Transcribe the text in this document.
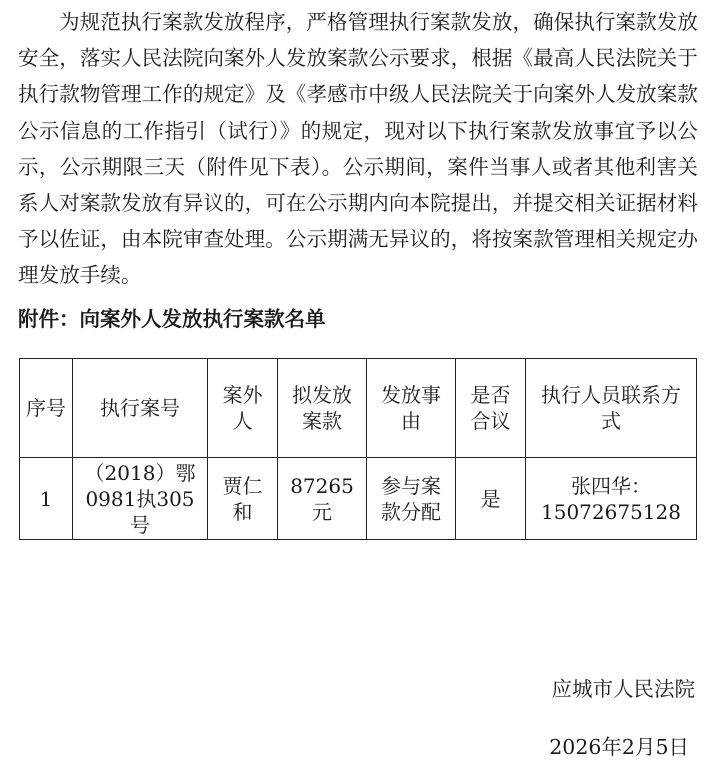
为规范执行案款发放程序，严格管理执行案款发放，确保执行案款发放安全，落实人民法院向案外人发放案款公示要求，根据《最高人民法院关于执行款物管理工作的规定》及《孝感市中级人民法院关于向案外人发放案款公示信息的工作指引（试行）》的规定，现对以下执行案款发放事宜予以公示，公示期限三天（附件见下表）。公示期间，案件当事人或者其他利害关系人对案款发放有异议的，可在公示期内向本院提出，并提交相关证据材料予以佐证，由本院审查处理。公示期满无异议的，将按案款管理相关规定办理发放手续。

附件：向案外人发放执行案款名单

序号	执行案号	案外人	拟发放案款	发放事由	是否合议	执行人员联系方式
1	（2018）鄂0981执305号	贾仁和	87265元	参与案款分配	是	张四华：
15072675128

应城市人民法院

2026年2月5日
